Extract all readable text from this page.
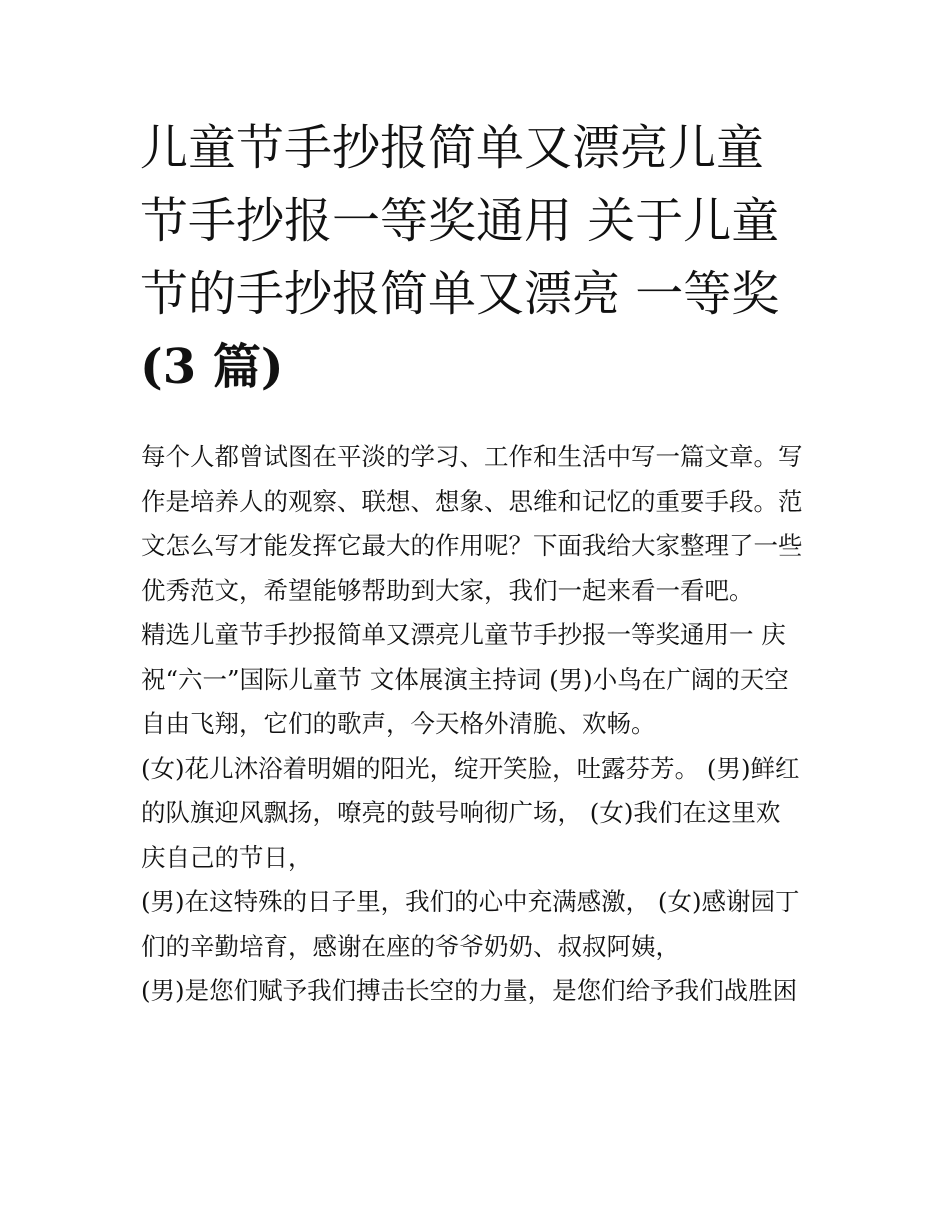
儿童节手抄报简单又漂亮儿童
节手抄报一等奖通用 关于儿童
节的手抄报简单又漂亮 一等奖
(3 篇)
每个人都曾试图在平淡的学习、工作和生活中写一篇文章。写
作是培养人的观察、联想、想象、思维和记忆的重要手段。范
文怎么写才能发挥它最大的作用呢？下面我给大家整理了一些
优秀范文，希望能够帮助到大家，我们一起来看一看吧。
精选儿童节手抄报简单又漂亮儿童节手抄报一等奖通用一 庆
祝“六一”国际儿童节 文体展演主持词 (男)小鸟在广阔的天空
自由飞翔，它们的歌声，今天格外清脆、欢畅。
(女)花儿沐浴着明媚的阳光，绽开笑脸，吐露芬芳。 (男)鲜红
的队旗迎风飘扬，嘹亮的鼓号响彻广场， (女)我们在这里欢
庆自己的节日，
(男)在这特殊的日子里，我们的心中充满感激， (女)感谢园丁
们的辛勤培育，感谢在座的爷爷奶奶、叔叔阿姨，
(男)是您们赋予我们搏击长空的力量，是您们给予我们战胜困
